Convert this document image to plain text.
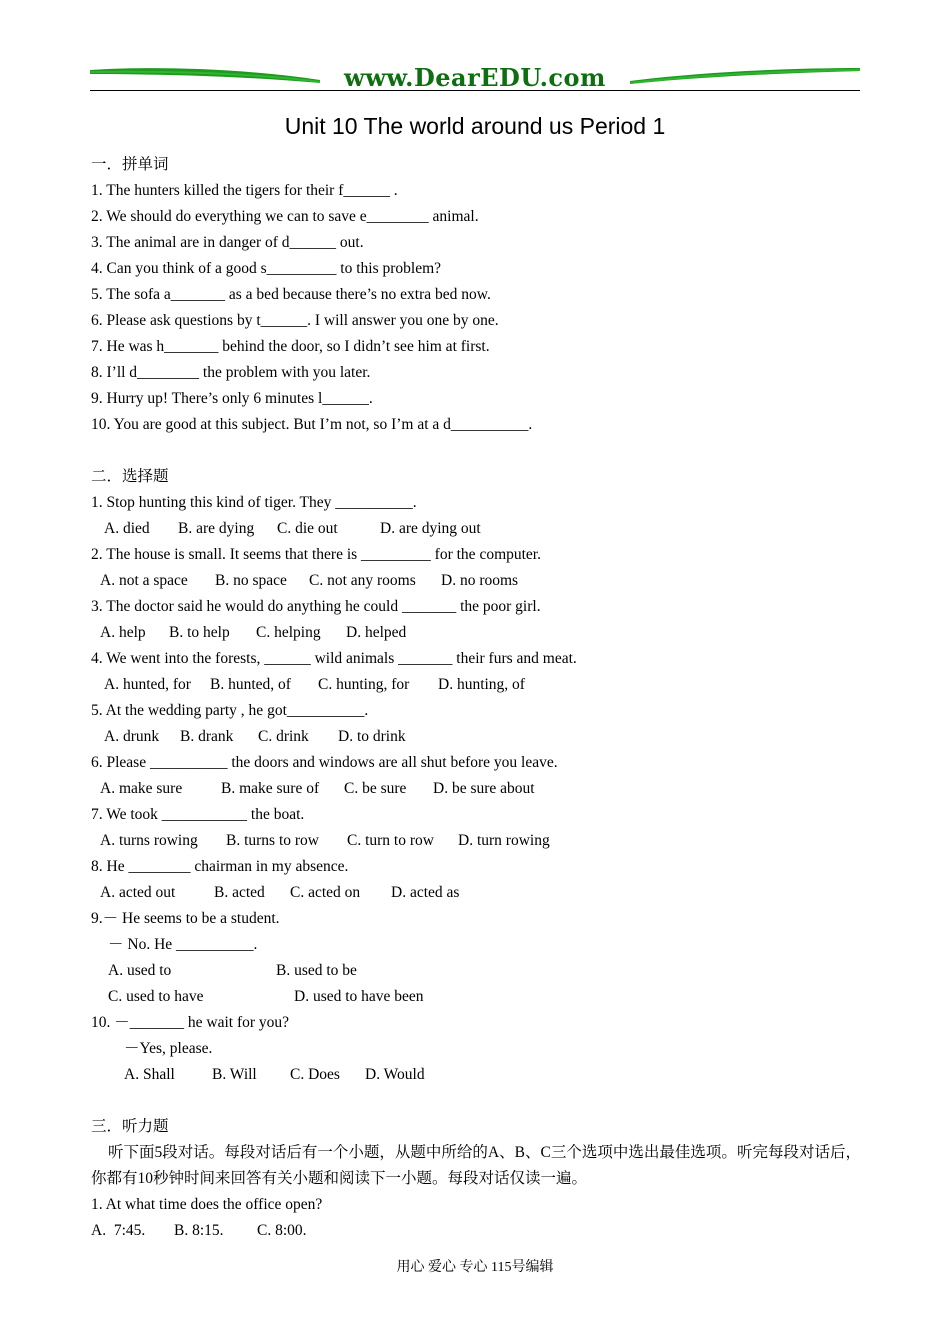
www.DearEDU.com
Unit 10 The world around us Period 1
一．拼单词
1. The hunters killed the tigers for their f______ .
2. We should do everything we can to save e________ animal.
3. The animal are in danger of d______ out.
4. Can you think of a good s_________ to this problem?
5. The sofa a_______ as a bed because there’s no extra bed now.
6. Please ask questions by t______. I will answer you one by one.
7. He was h_______ behind the door, so I didn’t see him at first.
8. I’ll d________ the problem with you later.
9. Hurry up! There’s only 6 minutes l______.
10. You are good at this subject. But I’m not, so I’m at a d__________.
二．选择题
1. Stop hunting this kind of tiger. They __________.
A. died B. are dying C. die out	D. are dying out
2. The house is small. It seems that there is _________ for the computer.
A. not a space B. no space C. not any rooms D. no rooms
3. The doctor said he would do anything he could _______ the poor girl.
A. help B. to help C. helping D. helped
4. We went into the forests, ______ wild animals _______ their furs and meat.
A. hunted, for B. hunted, of C. hunting, for D. hunting, of
5. At the wedding party , he got__________.
A. drunk B. drank C. drink D. to drink
6. Please __________ the doors and windows are all shut before you leave.
A. make sure	B. make sure of C. be sure D. be sure about
7. We took ___________ the boat.
A. turns rowing B. turns to row C. turn to row D. turn rowing
8. He ________ chairman in my absence.
A. acted out B. acted C. acted on D. acted as
9.－ He seems to be a student.
－ No. He __________.
A. used to	B. used to be
C. used to have	D. used to have been
10. －_______ he wait for you?
－Yes, please.
A. Shall B. Will C. Does D. Would
三．听力题

听下面5段对话。每段对话后有一个小题，从题中所给的A、B、C三个选项中选出最佳选项。听完每段对话后，你都有10秒钟时间来回答有关小题和阅读下一小题。每段对话仅读一遍。

1. At what time does the office open?
A.  7:45. B. 8:15. C. 8:00.
用心 爱心 专心 115号编辑
